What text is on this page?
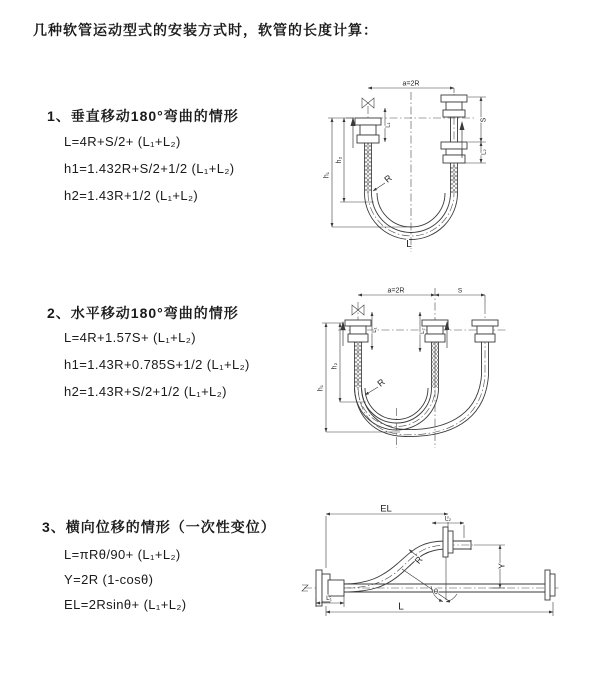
几种软管运动型式的安装方式时，软管的长度计算：
1、垂直移动180°弯曲的情形
L=4R+S/2+ (L₁+L₂)
h1=1.432R+S/2+1/2 (L₁+L₂)
h2=1.43R+1/2 (L₁+L₂)
2、水平移动180°弯曲的情形
L=4R+1.57S+ (L₁+L₂)
h1=1.43R+0.785S+1/2 (L₁+L₂)
h2=1.43R+S/2+1/2 (L₁+L₂)
3、横向位移的情形（一次性变位）
L=πRθ/90+ (L₁+L₂)
Y=2R (1-cosθ)
EL=2Rsinθ+ (L₁+L₂)
a=2R
h₁
h₂
L₁
S
L₂
R
L
a=2R	S
L₁	L₂
h₁
h₂
R
EL
L₂
Y
L
L₁
R
θ
